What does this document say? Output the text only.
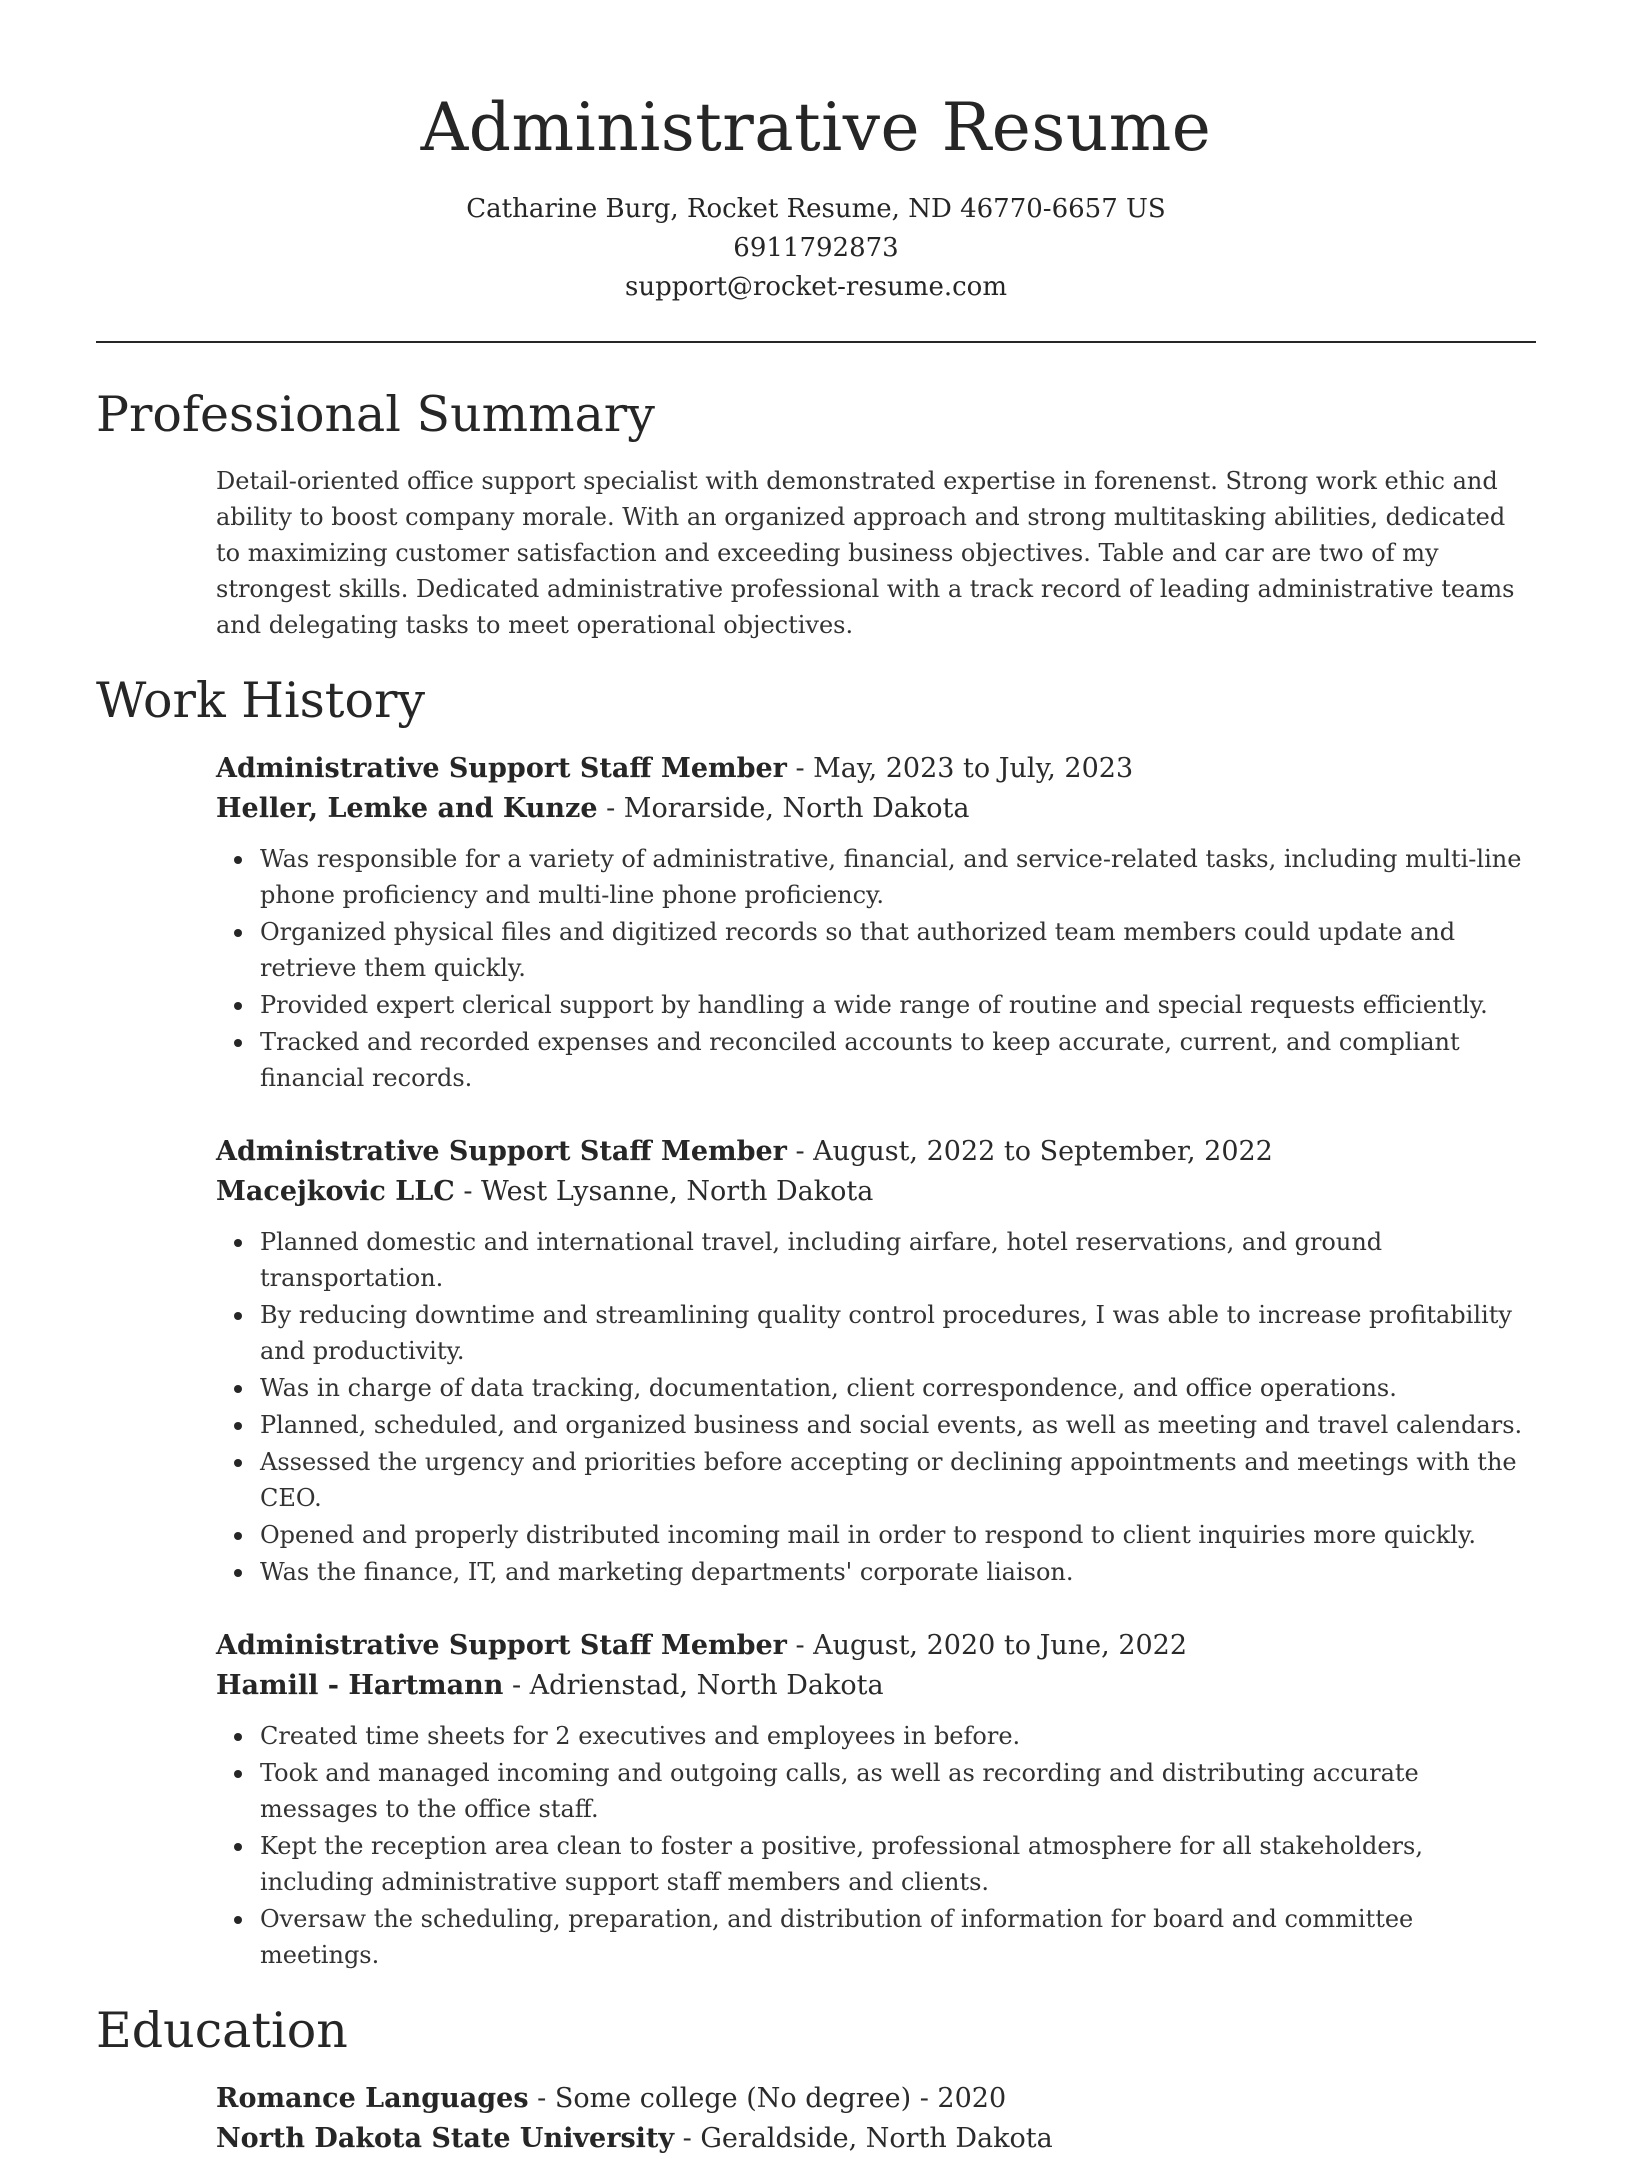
Administrative Resume

Catharine Burg, Rocket Resume, ND 46770-6657 US

6911792873

support@rocket-resume.com

Professional Summary

Detail-oriented office support specialist with demonstrated expertise in forenenst. Strong work ethic and ability to boost company morale. With an organized approach and strong multitasking abilities, dedicated to maximizing customer satisfaction and exceeding business objectives. Table and car are two of my strongest skills. Dedicated administrative professional with a track record of leading administrative teams and delegating tasks to meet operational objectives.

Work History

Administrative Support Staff Member - May, 2023 to July, 2023

Heller, Lemke and Kunze - Morarside, North Dakota

Was responsible for a variety of administrative, financial, and service-related tasks, including multi-line phone proficiency and multi-line phone proficiency.
Organized physical files and digitized records so that authorized team members could update and retrieve them quickly.
Provided expert clerical support by handling a wide range of routine and special requests efficiently.
Tracked and recorded expenses and reconciled accounts to keep accurate, current, and compliant financial records.

Administrative Support Staff Member - August, 2022 to September, 2022

Macejkovic LLC - West Lysanne, North Dakota

Planned domestic and international travel, including airfare, hotel reservations, and ground transportation.
By reducing downtime and streamlining quality control procedures, I was able to increase profitability and productivity.
Was in charge of data tracking, documentation, client correspondence, and office operations.
Planned, scheduled, and organized business and social events, as well as meeting and travel calendars.
Assessed the urgency and priorities before accepting or declining appointments and meetings with the CEO.
Opened and properly distributed incoming mail in order to respond to client inquiries more quickly.
Was the finance, IT, and marketing departments' corporate liaison.

Administrative Support Staff Member - August, 2020 to June, 2022

Hamill - Hartmann - Adrienstad, North Dakota

Created time sheets for 2 executives and employees in before.
Took and managed incoming and outgoing calls, as well as recording and distributing accurate messages to the office staff.
Kept the reception area clean to foster a positive, professional atmosphere for all stakeholders, including administrative support staff members and clients.
Oversaw the scheduling, preparation, and distribution of information for board and committee meetings.
Education

Romance Languages - Some college (No degree) - 2020

North Dakota State University - Geraldside, North Dakota
